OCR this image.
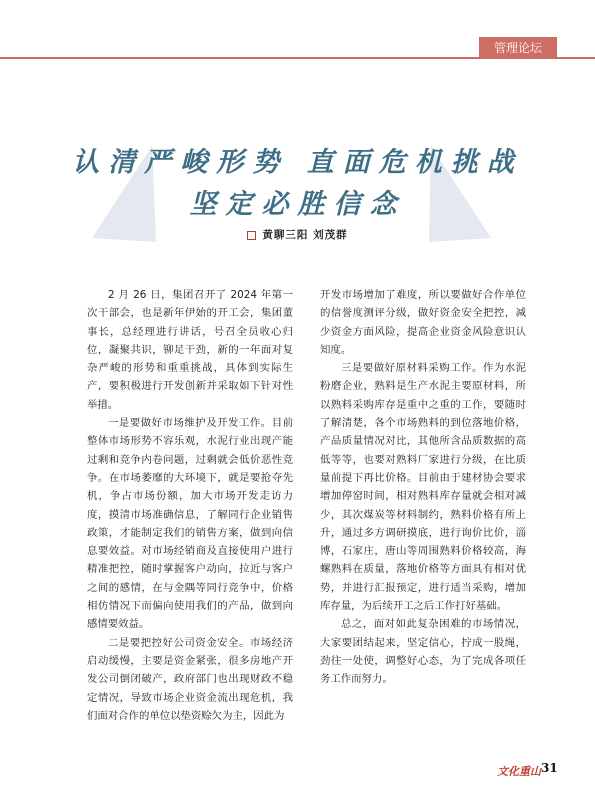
管理论坛
认清严峻形势 直面危机挑战
坚定必胜信念
黄聊三阳 刘茂群

2 月 26 日，集团召开了 2024 年第一次干部会，也是新年伊始的开工会，集团董事长，总经理进行讲话，号召全员收心归位，凝聚共识，铆足干劲，新的一年面对复杂严峻的形势和重重挑战，具体到实际生产，要积极进行开发创新并采取如下针对性举措。

一是要做好市场维护及开发工作。目前整体市场形势不容乐观，水泥行业出现产能过剩和竞争内卷问题，过剩就会低价恶性竞争。在市场萎靡的大环境下，就是要抢夺先机，争占市场份额，加大市场开发走访力度，摸清市场准确信息，了解同行企业销售政策，才能制定我们的销售方案，做到向信息要效益。对市场经销商及直接使用户进行精准把控，随时掌握客户动向，拉近与客户之间的感情，在与金隅等同行竞争中，价格相仿情况下而偏向使用我们的产品，做到向感情要效益。

二是要把控好公司资金安全。市场经济启动缓慢，主要是资金紧张，很多房地产开发公司倒闭破产，政府部门也出现财政不稳定情况，导致市场企业资金流出现危机，我们面对合作的单位以垫资赊欠为主，因此为

开发市场增加了难度，所以要做好合作单位的信誉度测评分级，做好资金安全把控，减少资金方面风险，提高企业资金风险意识认知度。

三是要做好原材料采购工作。作为水泥粉磨企业，熟料是生产水泥主要原材料，所以熟料采购库存是重中之重的工作，要随时了解清楚，各个市场熟料的到位落地价格，产品质量情况对比，其他所含品质数据的高低等等，也要对熟料厂家进行分级，在比质量前提下再比价格。目前由于建材协会要求增加停窑时间，相对熟料库存量就会相对减少，其次煤炭等材料制约，熟料价格有所上升，通过多方调研摸底，进行询价比价，淄博，石家庄，唐山等周围熟料价格较高，海螺熟料在质量，落地价格等方面具有相对优势，并进行汇报预定，进行适当采购，增加库存量，为后续开工之后工作打好基础。

总之，面对如此复杂困难的市场情况，大家要团结起来，坚定信心，拧成一股绳，劲往一处使，调整好心态，为了完成各项任务工作而努力。

文化重山 31
